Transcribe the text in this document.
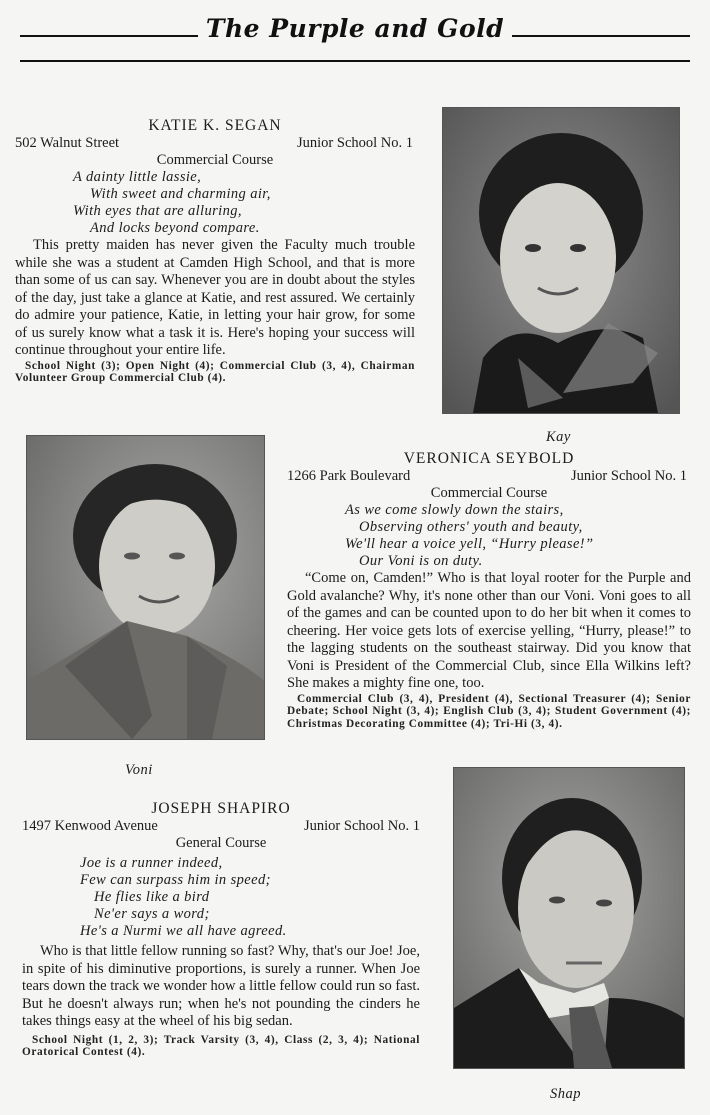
The Purple and Gold
KATIE K. SEGAN
502 Walnut Street	Junior School No. 1
Commercial Course
A dainty little lassie,
With sweet and charming air,
With eyes that are alluring,
And locks beyond compare.
This pretty maiden has never given the Faculty much trouble while she was a student at Camden High School, and that is more than some of us can say. Whenever you are in doubt about the styles of the day, just take a glance at Katie, and rest assured. We certainly do admire your patience, Katie, in letting your hair grow, for some of us surely know what a task it is. Here's hoping your success will continue throughout your entire life.
School Night (3); Open Night (4); Commercial Club (3, 4), Chairman Volunteer Group Commercial Club (4).
Kay
Voni
VERONICA SEYBOLD
1266 Park Boulevard	Junior School No. 1
Commercial Course
As we come slowly down the stairs,
Observing others' youth and beauty,
We'll hear a voice yell, “Hurry please!”
Our Voni is on duty.
“Come on, Camden!” Who is that loyal rooter for the Purple and Gold avalanche? Why, it's none other than our Voni. Voni goes to all of the games and can be counted upon to do her bit when it comes to cheering. Her voice gets lots of exercise yelling, “Hurry, please!” to the lagging students on the southeast stairway. Did you know that Voni is President of the Commercial Club, since Ella Wilkins left? She makes a mighty fine one, too.
Commercial Club (3, 4), President (4), Sectional Treasurer (4); Senior Debate; School Night (3, 4); English Club (3, 4); Student Government (4); Christmas Decorating Committee (4); Tri-Hi (3, 4).
JOSEPH SHAPIRO
1497 Kenwood Avenue	Junior School No. 1
General Course
Joe is a runner indeed,
Few can surpass him in speed;
He flies like a bird
Ne'er says a word;
He's a Nurmi we all have agreed.
Who is that little fellow running so fast? Why, that's our Joe! Joe, in spite of his diminutive proportions, is surely a runner. When Joe tears down the track we wonder how a little fellow could run so fast. But he doesn't always run; when he's not pounding the cinders he takes things easy at the wheel of his big sedan.
School Night (1, 2, 3); Track Varsity (3, 4), Class (2, 3, 4); National Oratorical Contest (4).
Shap
